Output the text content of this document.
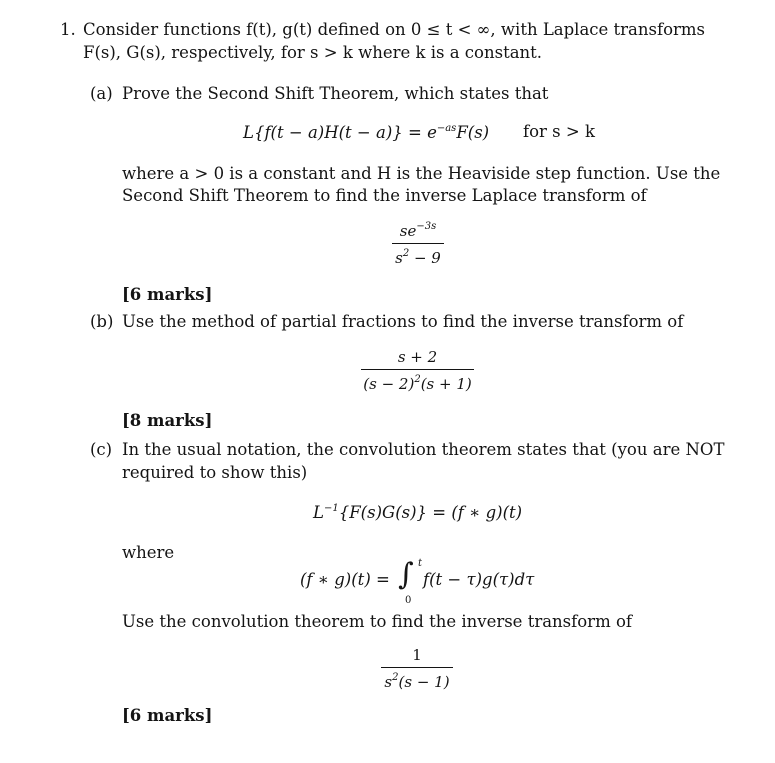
1. Consider functions f(t), g(t) defined on 0 ≤ t < ∞, with Laplace transforms
F(s), G(s), respectively, for s > k where k is a constant.
(a) Prove the Second Shift Theorem, which states that
$L\{f(t - a)H(t - a)\} = e^{-as}F(s)$ for s > k
where a > 0 is a constant and H is the Heaviside step function. Use the
Second Shift Theorem to find the inverse Laplace transform of
$se^{-3s}$
$s^2 - 9$
[6 marks]
(b) Use the method of partial fractions to find the inverse transform of
s + 2
$(s - 2)^2(s + 1)$
[8 marks]
(c) In the usual notation, the convolution theorem states that (you are NOT
required to show this)
$L^{-1}\{F(s)G(s)\} = (f$ ∗ g)(t)
where
(f ∗ g)(t) = ∫ t
0
f(t − τ)g(τ)dτ
Use the convolution theorem to find the inverse transform of
1
$s^2(s - 1)$
[6 marks]
